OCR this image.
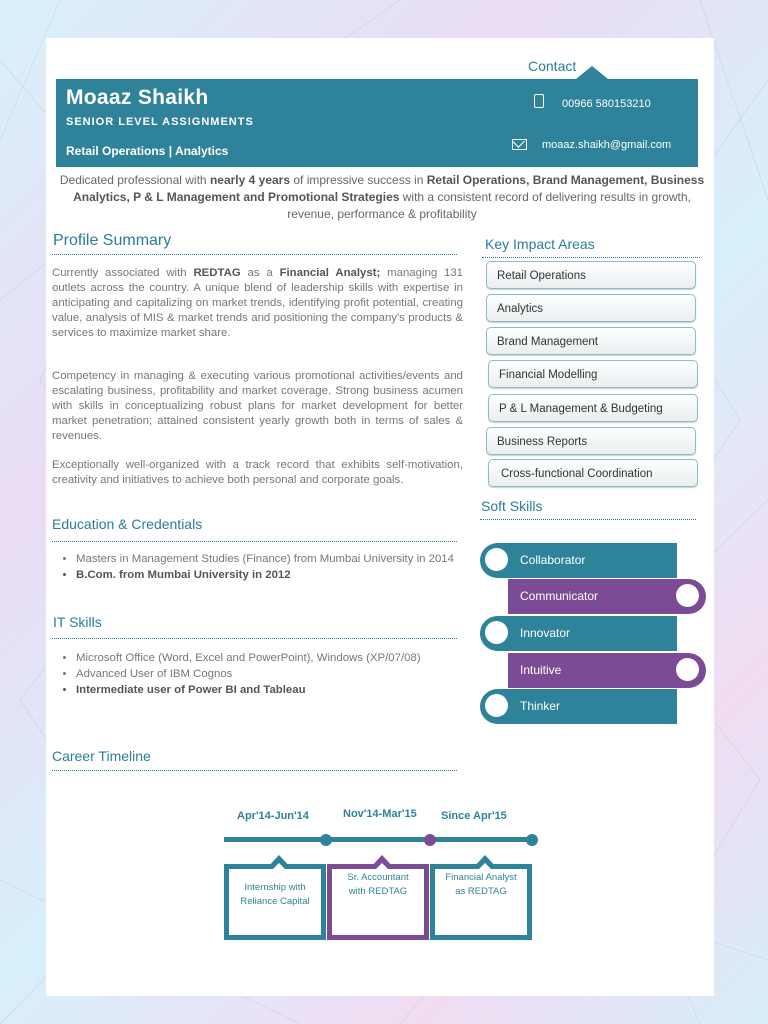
Contact
Moaaz Shaikh
SENIOR LEVEL ASSIGNMENTS
Retail Operations | Analytics
00966 580153210
moaaz.shaikh@gmail.com
Dedicated professional with nearly 4 years of impressive success in Retail Operations, Brand Management, Business Analytics, P & L Management and Promotional Strategies with a consistent record of delivering results in growth, revenue, performance & profitability
Profile Summary
Currently associated with REDTAG as a Financial Analyst; managing 131 outlets across the country. A unique blend of leadership skills with expertise in anticipating and capitalizing on market trends, identifying profit potential, creating value, analysis of MIS & market trends and positioning the company's products & services to maximize market share.
Competency in managing & executing various promotional activities/events and escalating business, profitability and market coverage. Strong business acumen with skills in conceptualizing robust plans for market development for better market penetration; attained consistent yearly growth both in terms of sales & revenues.
Exceptionally well-organized with a track record that exhibits self-motivation, creativity and initiatives to achieve both personal and corporate goals.
Education & Credentials
• Masters in Management Studies (Finance) from Mumbai University in 2014
• B.Com. from Mumbai University in 2012
IT Skills
• Microsoft Office (Word, Excel and PowerPoint), Windows (XP/07/08)
• Advanced User of IBM Cognos
• Intermediate user of Power BI and Tableau
Key Impact Areas
Retail Operations
Analytics
Brand Management
Financial Modelling
P & L Management & Budgeting
Business Reports
Cross-functional Coordination
Soft Skills
Collaborator
Communicator
Innovator
Intuitive
Thinker
Career Timeline
Apr'14-Jun'14	Nov'14-Mar'15 Since Apr'15
Internship with
Reliance Capital
Sr. Accountant
with REDTAG
Financial Analyst
as REDTAG
